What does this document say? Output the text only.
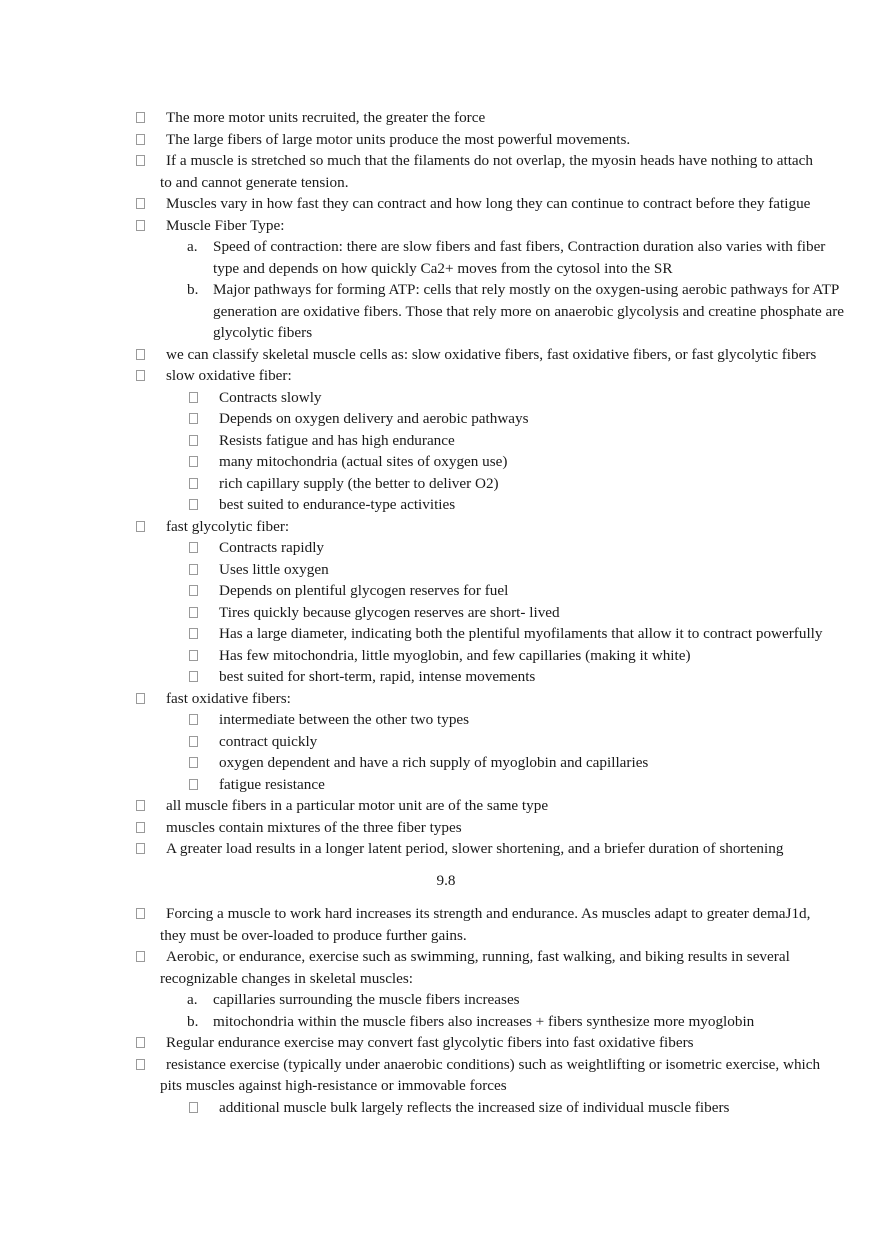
The more motor units recruited, the greater the force
The large fibers of large motor units produce the most powerful movements.
If a muscle is stretched so much that the filaments do not overlap, the myosin heads have nothing to attach
to and cannot generate tension.
Muscles vary in how fast they can contract and how long they can continue to contract before they fatigue
Muscle Fiber Type:
a. Speed of contraction: there are slow fibers and fast fibers, Contraction duration also varies with fiber type and depends on how quickly Ca2+ moves from the cytosol into the SR
b. Major pathways for forming ATP: cells that rely mostly on the oxygen-using aerobic pathways for ATP generation are oxidative fibers. Those that rely more on anaerobic glycolysis and creatine phosphate are glycolytic fibers
we can classify skeletal muscle cells as: slow oxidative fibers, fast oxidative fibers, or fast glycolytic fibers
slow oxidative fiber:
Contracts slowly
Depends on oxygen delivery and aerobic pathways
Resists fatigue and has high endurance
many mitochondria (actual sites of oxygen use)
rich capillary supply (the better to deliver O2)
best suited to endurance-type activities
fast glycolytic fiber:
Contracts rapidly
Uses little oxygen
Depends on plentiful glycogen reserves for fuel
Tires quickly because glycogen reserves are short- lived
Has a large diameter, indicating both the plentiful myofilaments that allow it to contract powerfully
Has few mitochondria, little myoglobin, and few capillaries (making it white)
best suited for short-term, rapid, intense movements
fast oxidative fibers:
intermediate between the other two types
contract quickly
oxygen dependent and have a rich supply of myoglobin and capillaries
fatigue resistance
all muscle fibers in a particular motor unit are of the same type
muscles contain mixtures of the three fiber types
A greater load results in a longer latent period, slower shortening, and a briefer duration of shortening
9.8
Forcing a muscle to work hard increases its strength and endurance. As muscles adapt to greater demaJ1d,
they must be over-loaded to produce further gains.
Aerobic, or endurance, exercise such as swimming, running, fast walking, and biking results in several
recognizable changes in skeletal muscles:
a. capillaries surrounding the muscle fibers increases
b. mitochondria within the muscle fibers also increases + fibers synthesize more myoglobin
Regular endurance exercise may convert fast glycolytic fibers into fast oxidative fibers
resistance exercise (typically under anaerobic conditions) such as weightlifting or isometric exercise, which
pits muscles against high-resistance or immovable forces
additional muscle bulk largely reflects the increased size of individual muscle fibers
